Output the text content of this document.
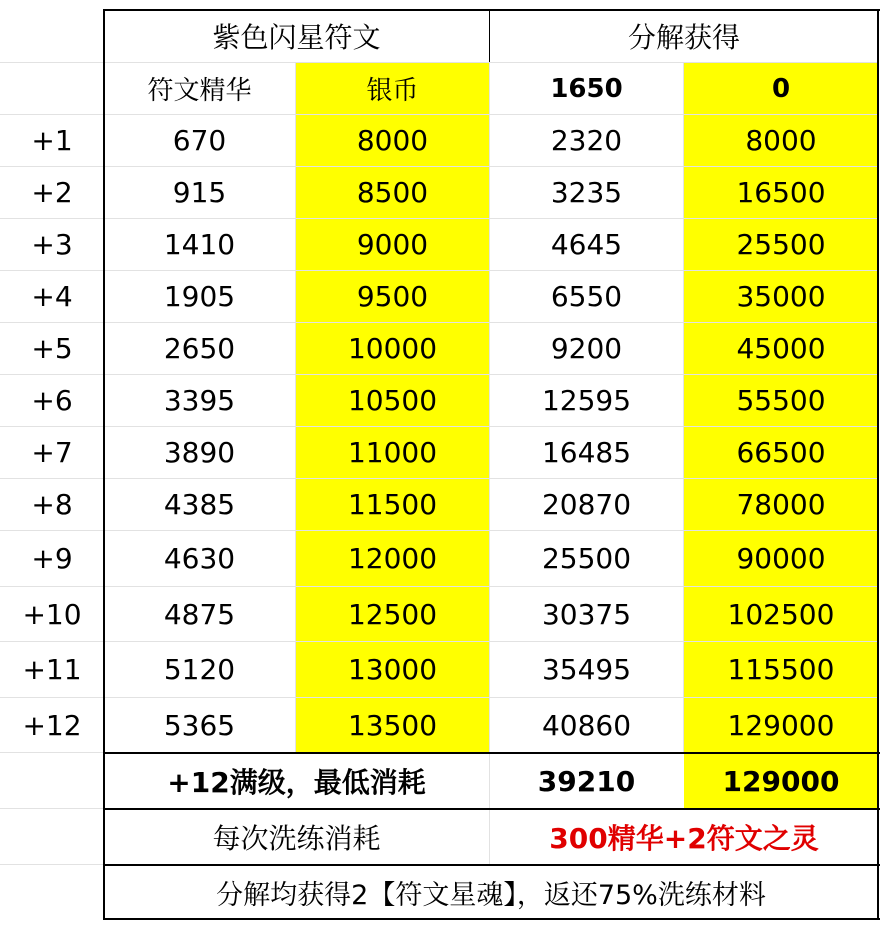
紫色闪星符文	分解获得
符文精华	银币	1650	0
+1	670	8000	2320	8000
+2	915	8500	3235	16500
+3	1410	9000	4645	25500
+4	1905	9500	6550	35000
+5	2650	10000	9200	45000
+6	3395	10500	12595	55500
+7	3890	11000	16485	66500
+8	4385	11500	20870	78000
+9	4630	12000	25500	90000
+10	4875	12500	30375	102500
+11	5120	13000	35495	115500
+12	5365	13500	40860	129000
+12满级，最低消耗	39210	129000
每次洗练消耗	300精华+2符文之灵
分解均获得2【符文星魂】，返还75%洗练材料
